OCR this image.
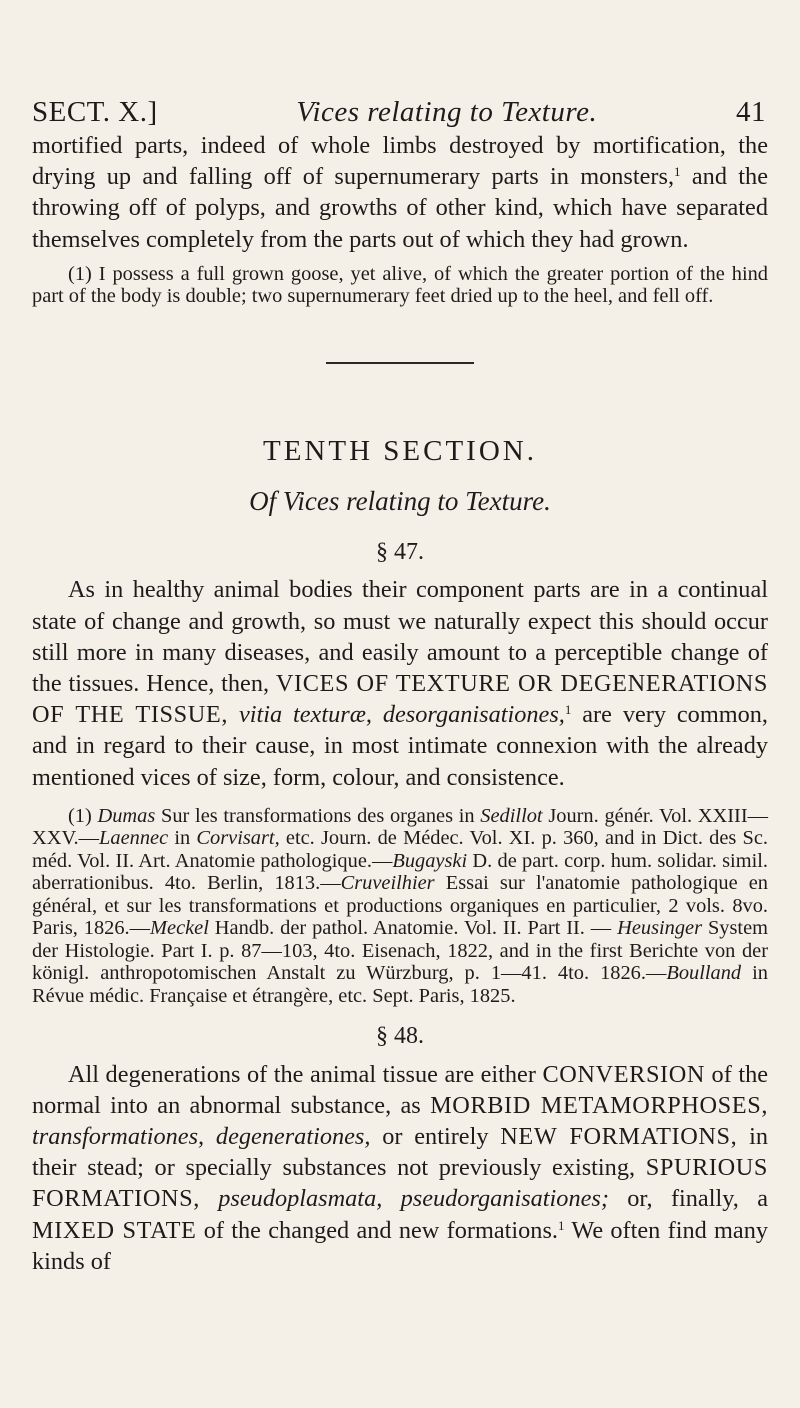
SECT. X.]	Vices relating to Texture.	41

mortified parts, indeed of whole limbs destroyed by mortification, the drying up and falling off of supernumerary parts in monsters,$^1$ and the throwing off of polyps, and growths of other kind, which have separated themselves completely from the parts out of which they had grown.

(1) I possess a full grown goose, yet alive, of which the greater portion of the hind part of the body is double; two supernumerary feet dried up to the heel, and fell off.

TENTH SECTION.

Of Vices relating to Texture.

§ 47.

As in healthy animal bodies their component parts are in a continual state of change and growth, so must we naturally expect this should occur still more in many diseases, and easily amount to a perceptible change of the tissues. Hence, then, VICES OF TEXTURE OR DEGENERATIONS OF THE TISSUE, vitia texturæ, desorganisationes,$^1$ are very common, and in regard to their cause, in most intimate connexion with the already mentioned vices of size, form, colour, and consistence.

(1) Dumas Sur les transformations des organes in Sedillot Journ. génér. Vol. XXIII—XXV.—Laennec in Corvisart, etc. Journ. de Médec. Vol. XI. p. 360, and in Dict. des Sc. méd. Vol. II. Art. Anatomie pathologique.—Bugayski D. de part. corp. hum. solidar. simil. aberrationibus. 4to. Berlin, 1813.—Cruveilhier Essai sur l'anatomie pathologique en général, et sur les transformations et productions organiques en particulier, 2 vols. 8vo. Paris, 1826.—Meckel Handb. der pathol. Anatomie. Vol. II. Part II. — Heusinger System der Histologie. Part I. p. 87—103, 4to. Eisenach, 1822, and in the first Berichte von der königl. anthropotomischen Anstalt zu Würzburg, p. 1—41. 4to. 1826.—Boulland in Révue médic. Française et étrangère, etc. Sept. Paris, 1825.

§ 48.

All degenerations of the animal tissue are either CONVERSION of the normal into an abnormal substance, as MORBID METAMORPHOSES, transformationes, degenerationes, or entirely NEW FORMATIONS, in their stead; or specially substances not previously existing, SPURIOUS FORMATIONS, pseudoplasmata, pseudorganisationes; or, finally, a MIXED STATE of the changed and new formations.$^1$ We often find many kinds of
